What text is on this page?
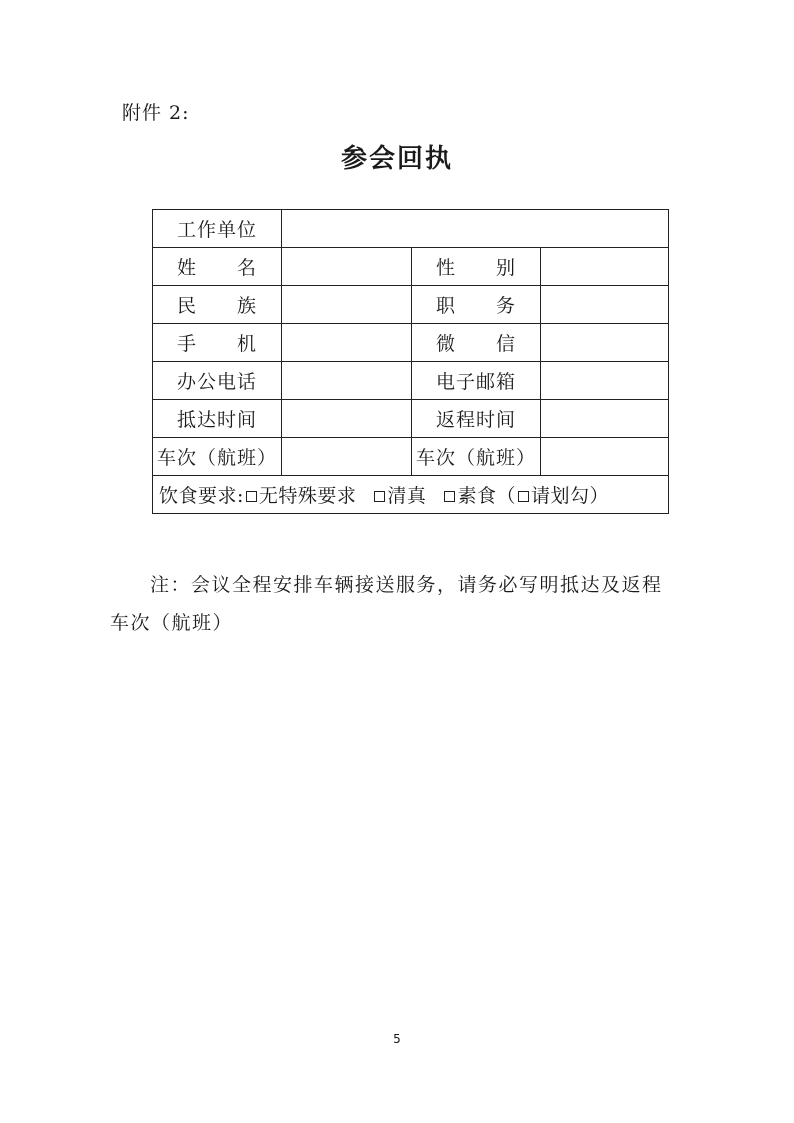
附件 2:
参会回执
工作单位			
姓　　名		性　　别	
民　　族		职　　务	
手　　机		微　　信	
办公电话		电子邮箱	
抵达时间		返程时间	
车次（航班）		车次（航班）	
饮食要求: 无特殊要求 清真 素食（ 请划勾）			
注：会议全程安排车辆接送服务，请务必写明抵达及返程车次（航班）
5
